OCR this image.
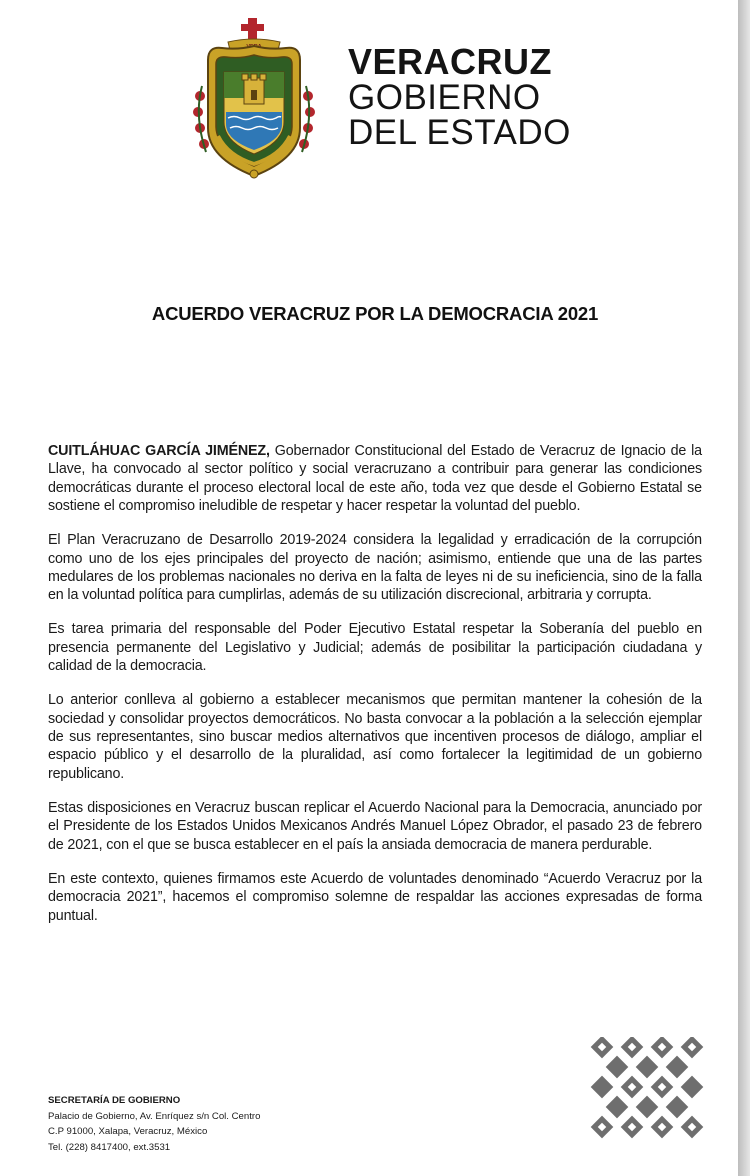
VERACRUZ
GOBIERNO
DEL ESTADO
ACUERDO VERACRUZ POR LA DEMOCRACIA 2021

CUITLÁHUAC GARCÍA JIMÉNEZ, Gobernador Constitucional del Estado de Veracruz de Ignacio de la Llave, ha convocado al sector político y social veracruzano a contribuir para generar las condiciones democráticas durante el proceso electoral local de este año, toda vez que desde el Gobierno Estatal se sostiene el compromiso ineludible de respetar y hacer respetar la voluntad del pueblo.

El Plan Veracruzano de Desarrollo 2019-2024 considera la legalidad y erradicación de la corrupción como uno de los ejes principales del proyecto de nación; asimismo, entiende que una de las partes medulares de los problemas nacionales no deriva en la falta de leyes ni de su ineficiencia, sino de la falla en la voluntad política para cumplirlas, además de su utilización discrecional, arbitraria y corrupta.

Es tarea primaria del responsable del Poder Ejecutivo Estatal respetar la Soberanía del pueblo en presencia permanente del Legislativo y Judicial; además de posibilitar la participación ciudadana y calidad de la democracia.

Lo anterior conlleva al gobierno a establecer mecanismos que permitan mantener la cohesión de la sociedad y consolidar proyectos democráticos. No basta convocar a la población a la selección ejemplar de sus representantes, sino buscar medios alternativos que incentiven procesos de diálogo, ampliar el espacio público y el desarrollo de la pluralidad, así como fortalecer la legitimidad de un gobierno republicano.

Estas disposiciones en Veracruz buscan replicar el Acuerdo Nacional para la Democracia, anunciado por el Presidente de los Estados Unidos Mexicanos Andrés Manuel López Obrador, el pasado 23 de febrero de 2021, con el que se busca establecer en el país la ansiada democracia de manera perdurable.

En este contexto, quienes firmamos este Acuerdo de voluntades denominado “Acuerdo Veracruz por la democracia 2021”, hacemos el compromiso solemne de respaldar las acciones expresadas de forma puntual.

SECRETARÍA DE GOBIERNO
Palacio de Gobierno, Av. Enríquez s/n Col. Centro
C.P 91000, Xalapa, Veracruz, México
Tel. (228) 8417400, ext.3531
